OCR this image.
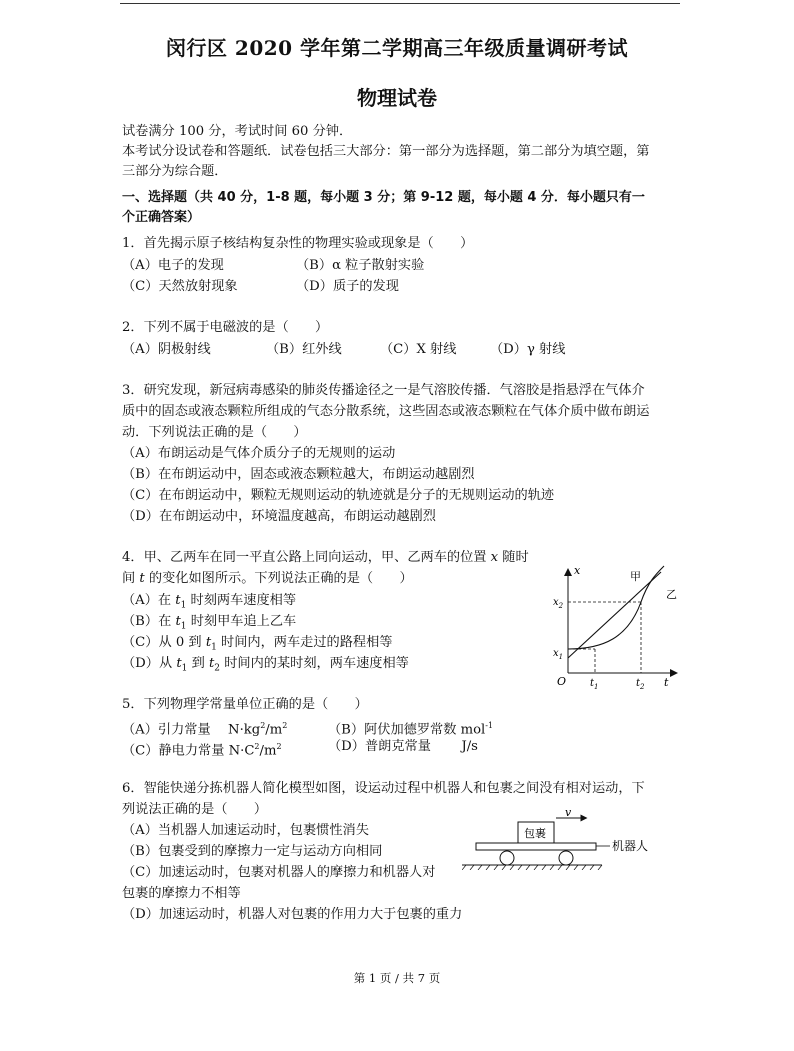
闵行区 2020 学年第二学期高三年级质量调研考试
物理试卷
试卷满分 100 分，考试时间 60 分钟．
本考试分设试卷和答题纸．试卷包括三大部分：第一部分为选择题，第二部分为填空题，第
三部分为综合题．
一、选择题（共 40 分，1-8 题，每小题 3 分；第 9-12 题，每小题 4 分．每小题只有一
个正确答案）
1．首先揭示原子核结构复杂性的物理实验或现象是（　　）
（A）电子的发现	（B）α 粒子散射实验
（C）天然放射现象	（D）质子的发现
2．下列不属于电磁波的是（　　）
（A）阴极射线	（B）红外线	（C）X 射线	（D）γ 射线
3．研究发现，新冠病毒感染的肺炎传播途径之一是气溶胶传播．气溶胶是指悬浮在气体介
质中的固态或液态颗粒所组成的气态分散系统，这些固态或液态颗粒在气体介质中做布朗运
动．下列说法正确的是（　　）
（A）布朗运动是气体介质分子的无规则的运动
（B）在布朗运动中，固态或液态颗粒越大，布朗运动越剧烈
（C）在布朗运动中，颗粒无规则运动的轨迹就是分子的无规则运动的轨迹
（D）在布朗运动中，环境温度越高，布朗运动越剧烈
4．甲、乙两车在同一平直公路上同向运动，甲、乙两车的位置 x 随时
间 t 的变化如图所示。下列说法正确的是（　　）
（A）在 $t_1$ 时刻两车速度相等
（B）在 $t_1$ 时刻甲车追上乙车
（C）从 0 到 $t_1$ 时间内，两车走过的路程相等
（D）从 $t_1$ 到 $t_2$ 时间内的某时刻，两车速度相等
x
t
O
$x_2$
$x_1$
$t_1$	$t_2$
甲
乙
5．下列物理学常量单位正确的是（　　）
（A）引力常量　 $N\cdot kg^2/m^2$	（B）阿伏加德罗常数 mol$^{-1}$
（C）静电力常量 $N\cdot C^2/m^2$	（D）普朗克常量　　 J/s
6．智能快递分拣机器人简化模型如图，设运动过程中机器人和包裹之间没有相对运动，下
列说法正确的是（　　）
（A）当机器人加速运动时，包裹惯性消失
（B）包裹受到的摩擦力一定与运动方向相同
（C）加速运动时，包裹对机器人的摩擦力和机器人对
包裹的摩擦力不相等
（D）加速运动时，机器人对包裹的作用力大于包裹的重力
v
包裹
机器人
第 1 页 / 共 7 页
